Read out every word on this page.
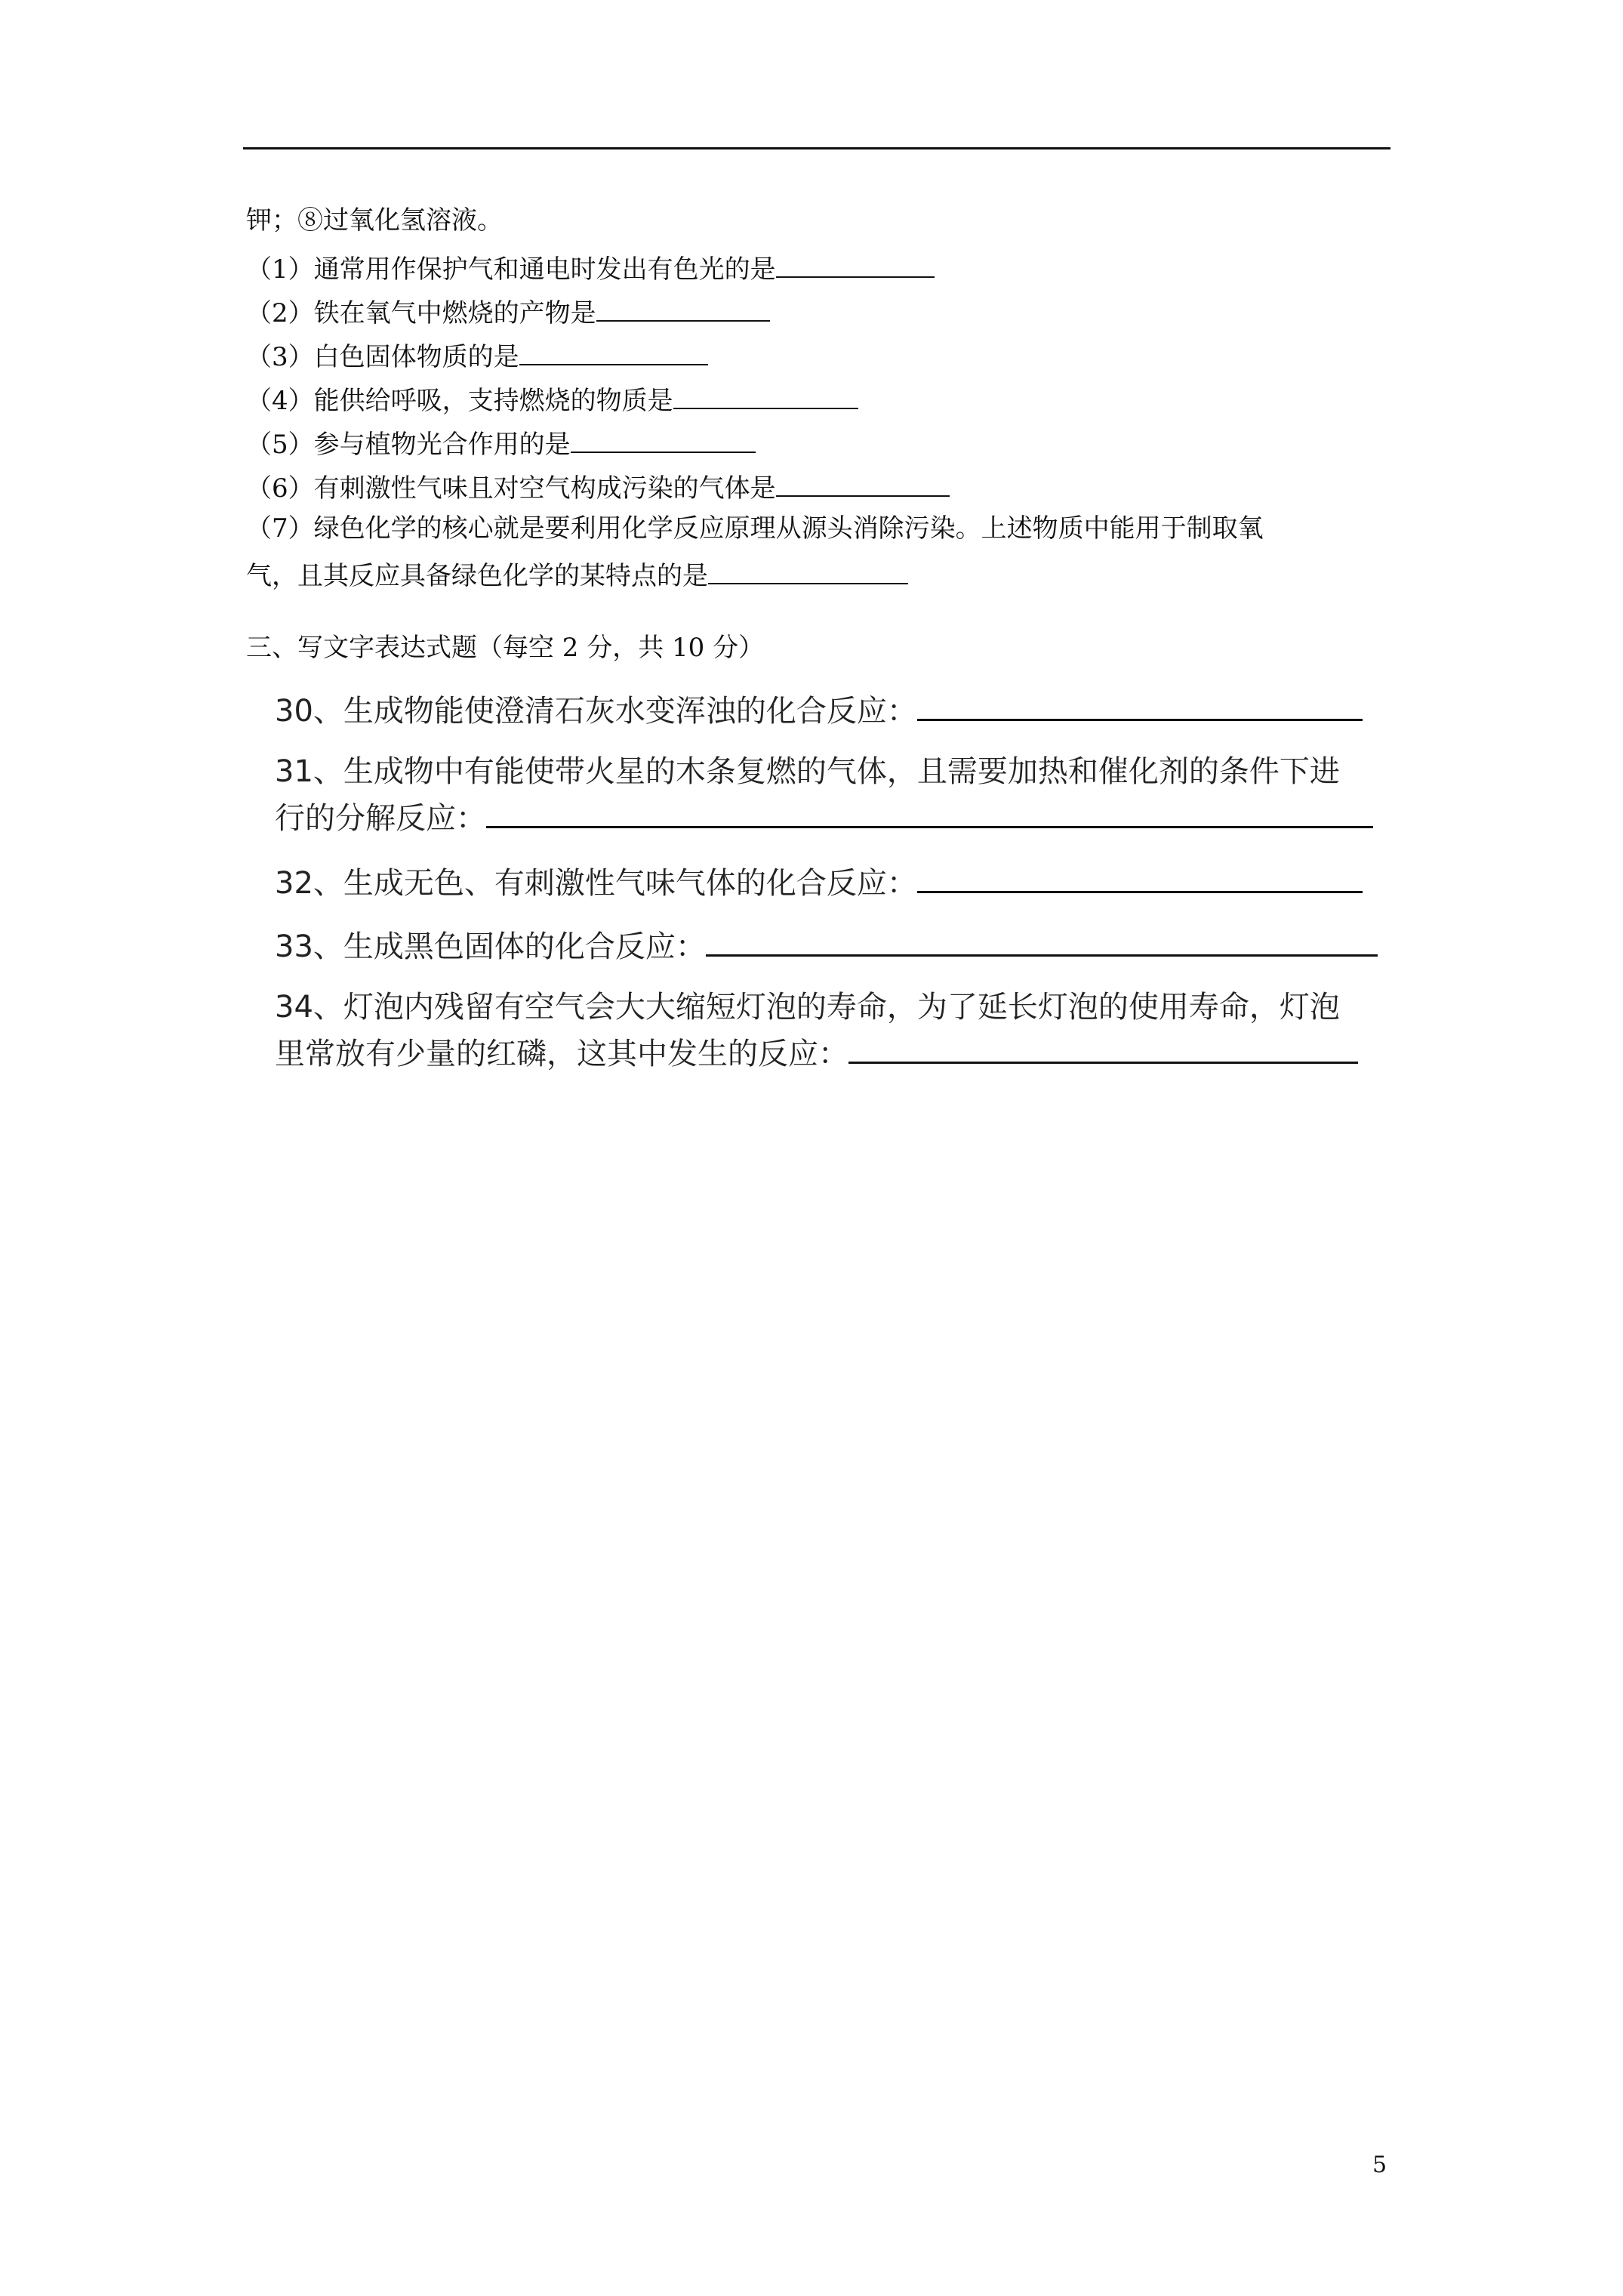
钾；⑧过氧化氢溶液。
（1）通常用作保护气和通电时发出有色光的是
（2）铁在氧气中燃烧的产物是
（3）白色固体物质的是
（4）能供给呼吸，支持燃烧的物质是
（5）参与植物光合作用的是
（6）有刺激性气味且对空气构成污染的气体是
（7）绿色化学的核心就是要利用化学反应原理从源头消除污染。上述物质中能用于制取氧
气，且其反应具备绿色化学的某特点的是
三、写文字表达式题（每空 2 分，共 10 分）
30、生成物能使澄清石灰水变浑浊的化合反应：
31、生成物中有能使带火星的木条复燃的气体，且需要加热和催化剂的条件下进
行的分解反应：
32、生成无色、有刺激性气味气体的化合反应：
33、生成黑色固体的化合反应：
34、灯泡内残留有空气会大大缩短灯泡的寿命，为了延长灯泡的使用寿命，灯泡
里常放有少量的红磷，这其中发生的反应：
5
